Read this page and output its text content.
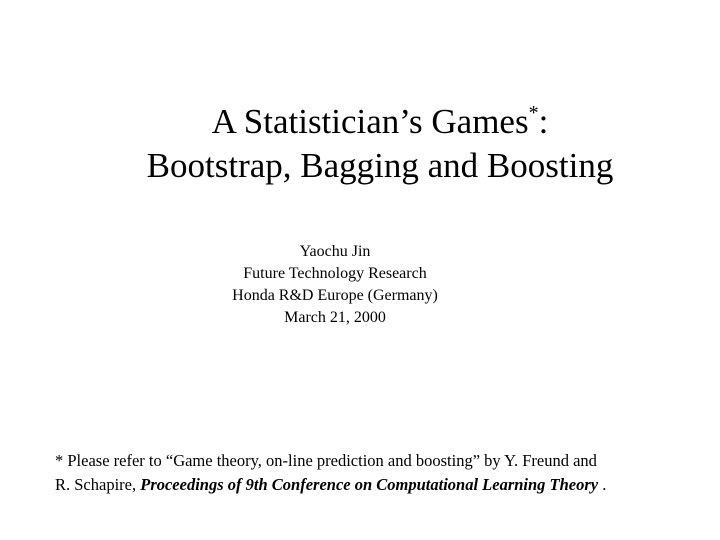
A Statistician’s Games*:
Bootstrap, Bagging and Boosting
Yaochu Jin
Future Technology Research
Honda R&D Europe (Germany)
March 21, 2000
* Please refer to “Game theory, on-line prediction and boosting” by Y. Freund and
R. Schapire, Proceedings of 9th Conference on Computational Learning Theory .
